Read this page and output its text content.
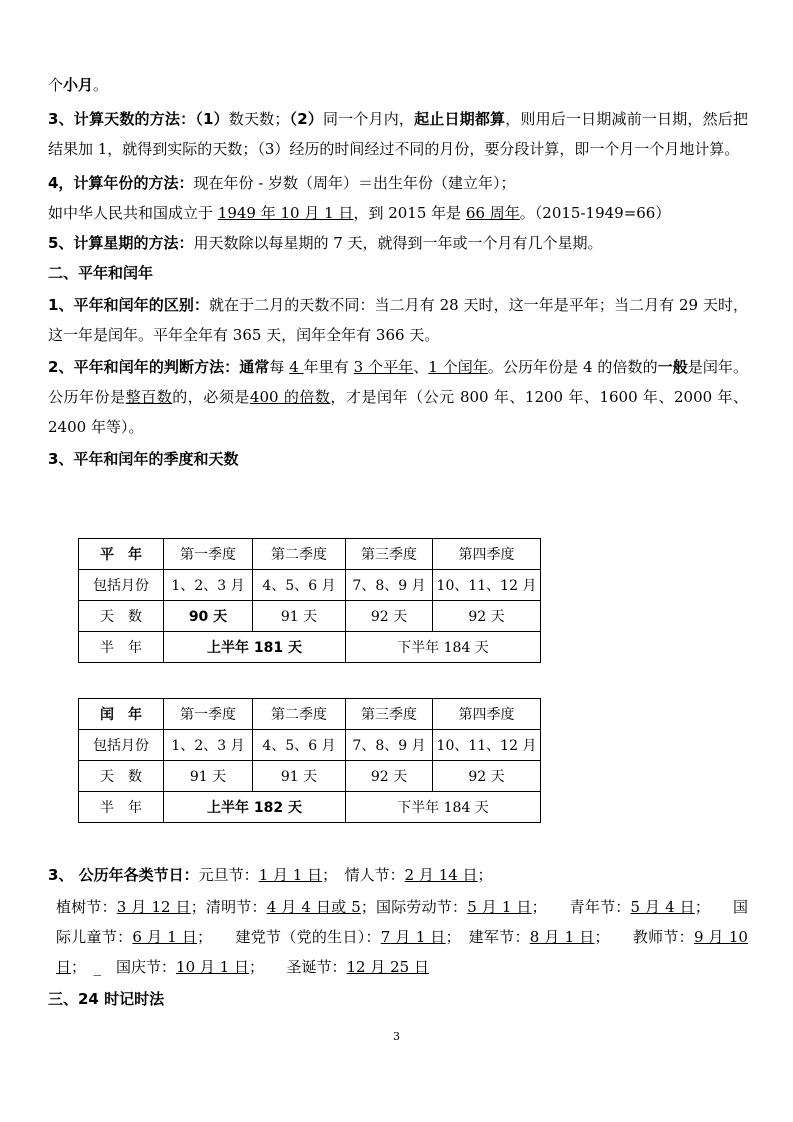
个小月。

3、计算天数的方法：（1）数天数；（2）同一个月内，起止日期都算，则用后一日期减前一日期，然后把结果加 1，就得到实际的天数；（3）经历的时间经过不同的月份，要分段计算，即一个月一个月地计算。

4，计算年份的方法：现在年份 - 岁数（周年）＝出生年份（建立年）；

如中华人民共和国成立于 1949 年 10 月 1 日，到 2015 年是 66 周年。（2015-1949=66）

5、计算星期的方法：用天数除以每星期的 7 天，就得到一年或一个月有几个星期。

二、平年和闰年

1、平年和闰年的区别：就在于二月的天数不同：当二月有 28 天时，这一年是平年；当二月有 29 天时，这一年是闰年。平年全年有 365 天，闰年全年有 366 天。

2、平年和闰年的判断方法：通常每 4 年里有 3 个平年、1 个闰年。公历年份是 4 的倍数的一般是闰年。公历年份是整百数的，必须是400 的倍数，才是闰年（公元 800 年、1200 年、1600 年、2000 年、2400 年等）。

3、平年和闰年的季度和天数

平　年	第一季度	第二季度	第三季度	第四季度
包括月份	1、2、3 月	4、5、6 月	7、8、9 月	10、11、12 月
天　数	90 天	91 天	92 天	92 天
半　年	上半年 181 天		下半年 184 天	
闰　年	第一季度	第二季度	第三季度	第四季度
包括月份	1、2、3 月	4、5、6 月	7、8、9 月	10、11、12 月
天　数	91 天	91 天	92 天	92 天
半　年	上半年 182 天		下半年 184 天	

3、 公历年各类节日：元旦节：1 月 1 日；　情人节：2 月 14 日；

植树节：3 月 12 日；清明节：4 月 4 日或 5；国际劳动节：5 月 1 日；　　青年节：5 月 4 日；　　国际儿童节：6 月 1 日；　　建党节（党的生日）：7 月 1 日；　建军节：8 月 1 日；　　教师节：9 月 10 日；　_　国庆节：10 月 1 日；　　圣诞节：12 月 25 日

三、24 时记时法

3
